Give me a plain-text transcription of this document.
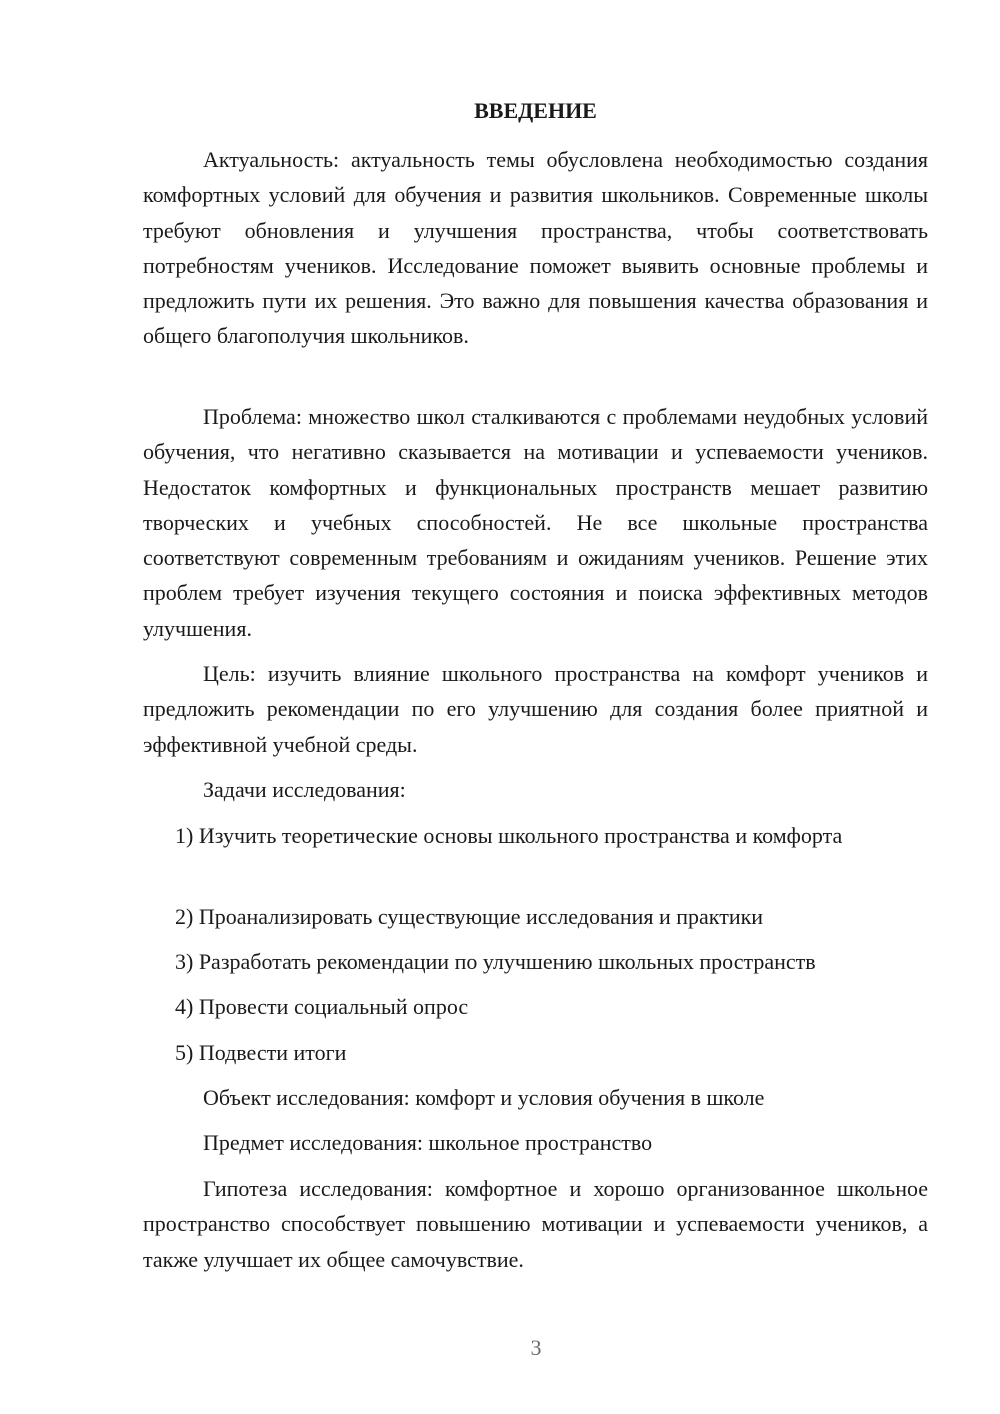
ВВЕДЕНИЕ

Актуальность: актуальность темы обусловлена необходимостью создания комфортных условий для обучения и развития школьников. Современные школы требуют обновления и улучшения пространства, чтобы соответствовать потребностям учеников. Исследование поможет выявить основные проблемы и предложить пути их решения. Это важно для повышения качества образования и общего благополучия школьников.

Проблема: множество школ сталкиваются с проблемами неудобных условий обучения, что негативно сказывается на мотивации и успеваемости учеников. Недостаток комфортных и функциональных пространств мешает развитию творческих и учебных способностей. Не все школьные пространства соответствуют современным требованиям и ожиданиям учеников. Решение этих проблем требует изучения текущего состояния и поиска эффективных методов улучшения.

Цель: изучить влияние школьного пространства на комфорт учеников и предложить рекомендации по его улучшению для создания более приятной и эффективной учебной среды.

Задачи исследования:

1) Изучить теоретические основы школьного пространства и комфорта

2) Проанализировать существующие исследования и практики

3) Разработать рекомендации по улучшению школьных пространств

4) Провести социальный опрос

5) Подвести итоги

Объект исследования: комфорт и условия обучения в школе

Предмет исследования: школьное пространство

Гипотеза исследования: комфортное и хорошо организованное школьное пространство способствует повышению мотивации и успеваемости учеников, а также улучшает их общее самочувствие.

3
